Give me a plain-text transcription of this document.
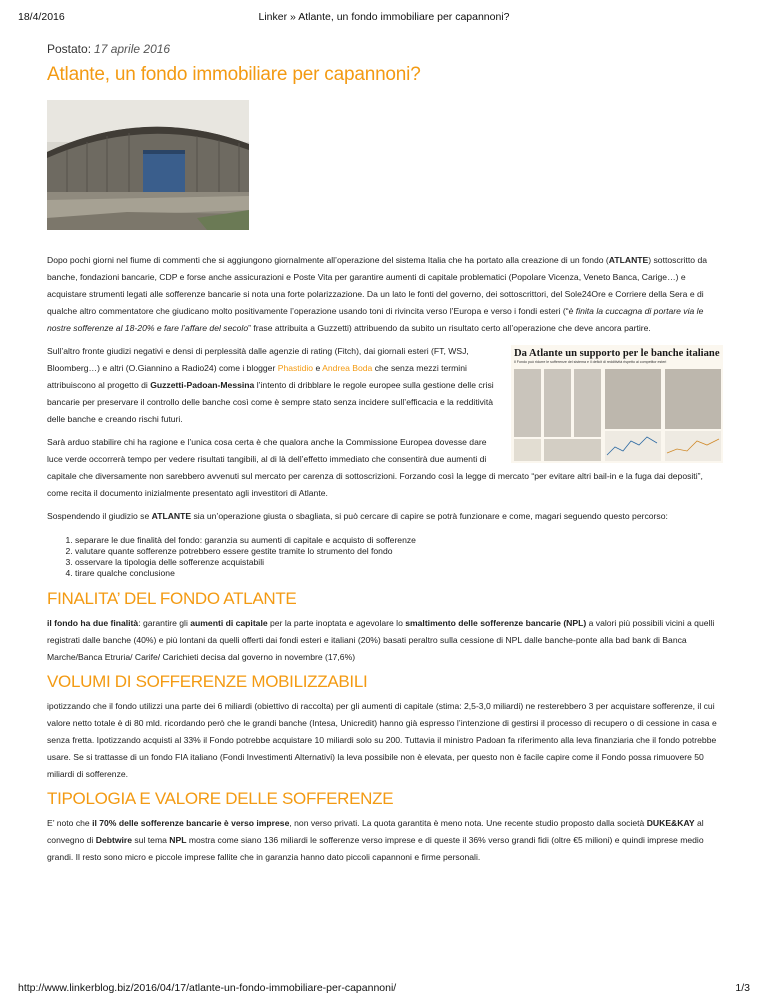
18/4/2016	Linker » Atlante, un fondo immobiliare per capannoni?
Postato: 17 aprile 2016
Atlante, un fondo immobiliare per capannoni?

Dopo pochi giorni nel fiume di commenti che si aggiungono giornalmente all’operazione del sistema Italia che ha portato alla creazione di un fondo (ATLANTE) sottoscritto da banche, fondazioni bancarie, CDP e forse anche assicurazioni e Poste Vita per garantire aumenti di capitale problematici (Popolare Vicenza, Veneto Banca, Carige…) e acquistare strumenti legati alle sofferenze bancarie si nota una forte polarizzazione. Da un lato le fonti del governo, dei sottoscrittori, del Sole24Ore e Corriere della Sera e di qualche altro commentatore che giudicano molto positivamente l’operazione usando toni di rivincita verso l’Europa e verso i fondi esteri (“è finita la cuccagna di portare via le nostre sofferenze al 18-20% e fare l’affare del secolo” frase attribuita a Guzzetti) attribuendo da subito un risultato certo all’operazione che deve ancora partire.

Da Atlante un supporto per le banche italiane
Il Fondo può ridurre le sofferenze del sistema e il deficit di redditività rispetto ai competitor esteri

Sull’altro fronte giudizi negativi e densi di perplessità dalle agenzie di rating (Fitch), dai giornali esteri (FT, WSJ, Bloomberg…) e altri (O.Giannino a Radio24) come i blogger Phastidio e Andrea Boda che senza mezzi termini attribuiscono al progetto di Guzzetti-Padoan-Messina l’intento di dribblare le regole europee sulla gestione delle crisi bancarie per preservare il controllo delle banche così come è sempre stato senza incidere sull’efficacia e la redditività delle banche e creando rischi futuri.

Sarà arduo stabilire chi ha ragione e l’unica cosa certa è che qualora anche la Commissione Europea dovesse dare luce verde occorrerà tempo per vedere risultati tangibili, al di là dell’effetto immediato che consentirà due aumenti di capitale che diversamente non sarebbero avvenuti sul mercato per carenza di sottoscrizioni. Forzando così la legge di mercato “per evitare altri bail-in e la fuga dai depositi”, come recita il documento inizialmente presentato agli investitori di Atlante.

Sospendendo il giudizio se ATLANTE sia un’operazione giusta o sbagliata, si può cercare di capire se potrà funzionare e come, magari seguendo questo percorso:

1. separare le due finalità del fondo: garanzia su aumenti di capitale e acquisto di sofferenze
2. valutare quante sofferenze potrebbero essere gestite tramite lo strumento del fondo
3. osservare la tipologia delle sofferenze acquistabili
4. tirare qualche conclusione
FINALITA’ DEL FONDO ATLANTE

il fondo ha due finalità: garantire gli aumenti di capitale per la parte inoptata e agevolare lo smaltimento delle sofferenze bancarie (NPL) a valori più possibili vicini a quelli registrati dalle banche (40%) e più lontani da quelli offerti dai fondi esteri e italiani (20%) basati peraltro sulla cessione di NPL dalle banche-ponte alla bad bank di Banca Marche/Banca Etruria/ Carife/ Carichieti decisa dal governo in novembre (17,6%)

VOLUMI DI SOFFERENZE MOBILIZZABILI

ipotizzando che il fondo utilizzi una parte dei 6 miliardi (obiettivo di raccolta) per gli aumenti di capitale (stima: 2,5-3,0 miliardi) ne resterebbero 3 per acquistare sofferenze, il cui valore netto totale è di 80 mld. ricordando però che le grandi banche (Intesa, Unicredit) hanno già espresso l’intenzione di gestirsi il processo di recupero o di cessione in casa e senza fretta. Ipotizzando acquisti al 33% il Fondo potrebbe acquistare 10 miliardi solo su 200. Tuttavia il ministro Padoan fa riferimento alla leva finanziaria che il fondo potrebbe usare. Se si trattasse di un fondo FIA italiano (Fondi Investimenti Alternativi) la leva possibile non è elevata, per questo non è facile capire come il Fondo possa rimuovere 50 miliardi di sofferenze.

TIPOLOGIA E VALORE DELLE SOFFERENZE

E’ noto che il 70% delle sofferenze bancarie è verso imprese, non verso privati. La quota garantita è meno nota. Une recente studio proposto dalla società DUKE&KAY al convegno di Debtwire sul tema NPL mostra come siano 136 miliardi le sofferenze verso imprese e di queste il 36% verso grandi fidi (oltre €5 milioni) e quindi imprese medio grandi. Il resto sono micro e piccole imprese fallite che in garanzia hanno dato piccoli capannoni e firme personali.

http://www.linkerblog.biz/2016/04/17/atlante-un-fondo-immobiliare-per-capannoni/	1/3
